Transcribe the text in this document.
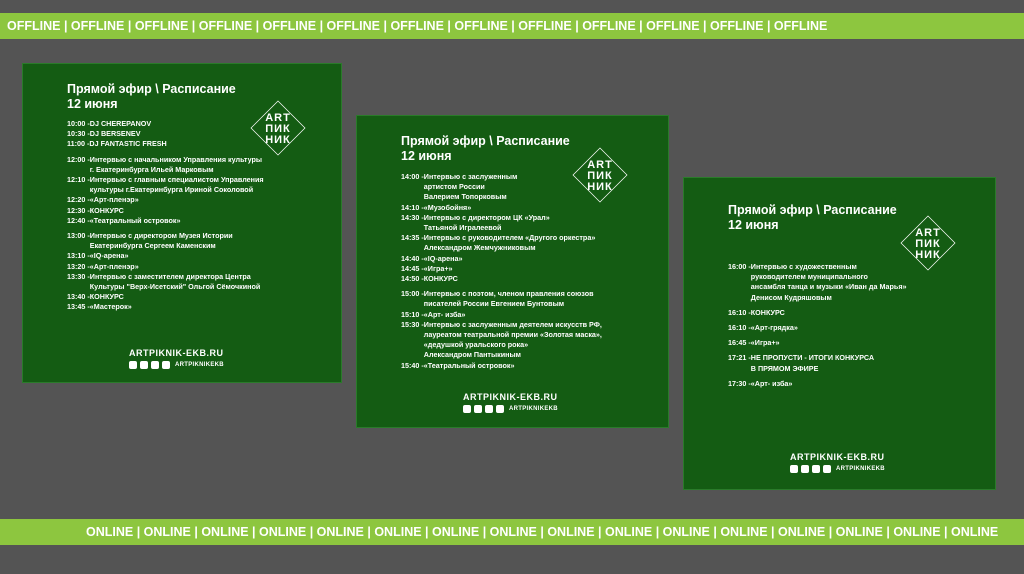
OFFLINE | OFFLINE | OFFLINE | OFFLINE | OFFLINE | OFFLINE | OFFLINE | OFFLINE | OFFLINE | OFFLINE | OFFLINE | OFFLINE | OFFLINE
Прямой эфир \ Расписание
12 июня
ART
ПИК
НИК
10:00 - DJ CHEREPANOV
10:30 - DJ BERSENEV
11:00 - DJ FANTASTIC FRESH
12:00 - Интервью с начальником Управления культуры
г. Екатеринбурга Ильей Марковым
12:10 - Интервью с главным специалистом Управления
культуры г.Екатеринбурга Ириной Соколовой
12:20 - «Арт-пленэр»
12:30 - КОНКУРС
12:40 - «Театральный островок»
13:00 - Интервью с директором Музея Истории
Екатеринбурга Сергеем Каменским
13:10 - «IQ-арена»
13:20 - «Арт-пленэр»
13:30 - Интервью с заместителем директора Центра
Культуры "Верх-Исетский" Ольгой Сёмочкиной
13:40 - КОНКУРС
13:45 - «Мастерок»
ARTPIKNIK-EKB.RU
ARTPIKNIKEKB
Прямой эфир \ Расписание
12 июня
ART
ПИК
НИК
14:00 - Интервью с заслуженным
артистом России
Валерием Топорковым
14:10 - «Музобойня»
14:30 - Интервью с директором ЦК «Урал»
Татьяной Игралеевой
14:35 - Интервью с руководителем «Другого оркестра»
Александром Жемчужниковым
14:40 - «IQ-арена»
14:45 - «Игра+»
14:50 - КОНКУРС
15:00 - Интервью с поэтом, членом правления союзов
писателей России Евгением Бунтовым
15:10 - «Арт- изба»
15:30 - Интервью с заслуженным деятелем искусств РФ,
лауреатом театральной премии «Золотая маска»,
«дедушкой уральского рока»
Александром Пантыкиным
15:40 - «Театральный островок»
ARTPIKNIK-EKB.RU
ARTPIKNIKEKB
Прямой эфир \ Расписание
12 июня
ART
ПИК
НИК
16:00 - Интервью с художественным
руководителем муниципального
ансамбля танца и музыки «Иван да Марья»
Денисом Кудряшовым
16:10 - КОНКУРС
16:10 - «Арт-грядка»
16:45 - «Игра+»
17:21 - НЕ ПРОПУСТИ - ИТОГИ КОНКУРСА
В ПРЯМОМ ЭФИРЕ
17:30 - «Арт- изба»
ARTPIKNIK-EKB.RU
ARTPIKNIKEKB
ONLINE | ONLINE | ONLINE | ONLINE | ONLINE | ONLINE | ONLINE | ONLINE | ONLINE | ONLINE | ONLINE | ONLINE | ONLINE | ONLINE | ONLINE | ONLINE
